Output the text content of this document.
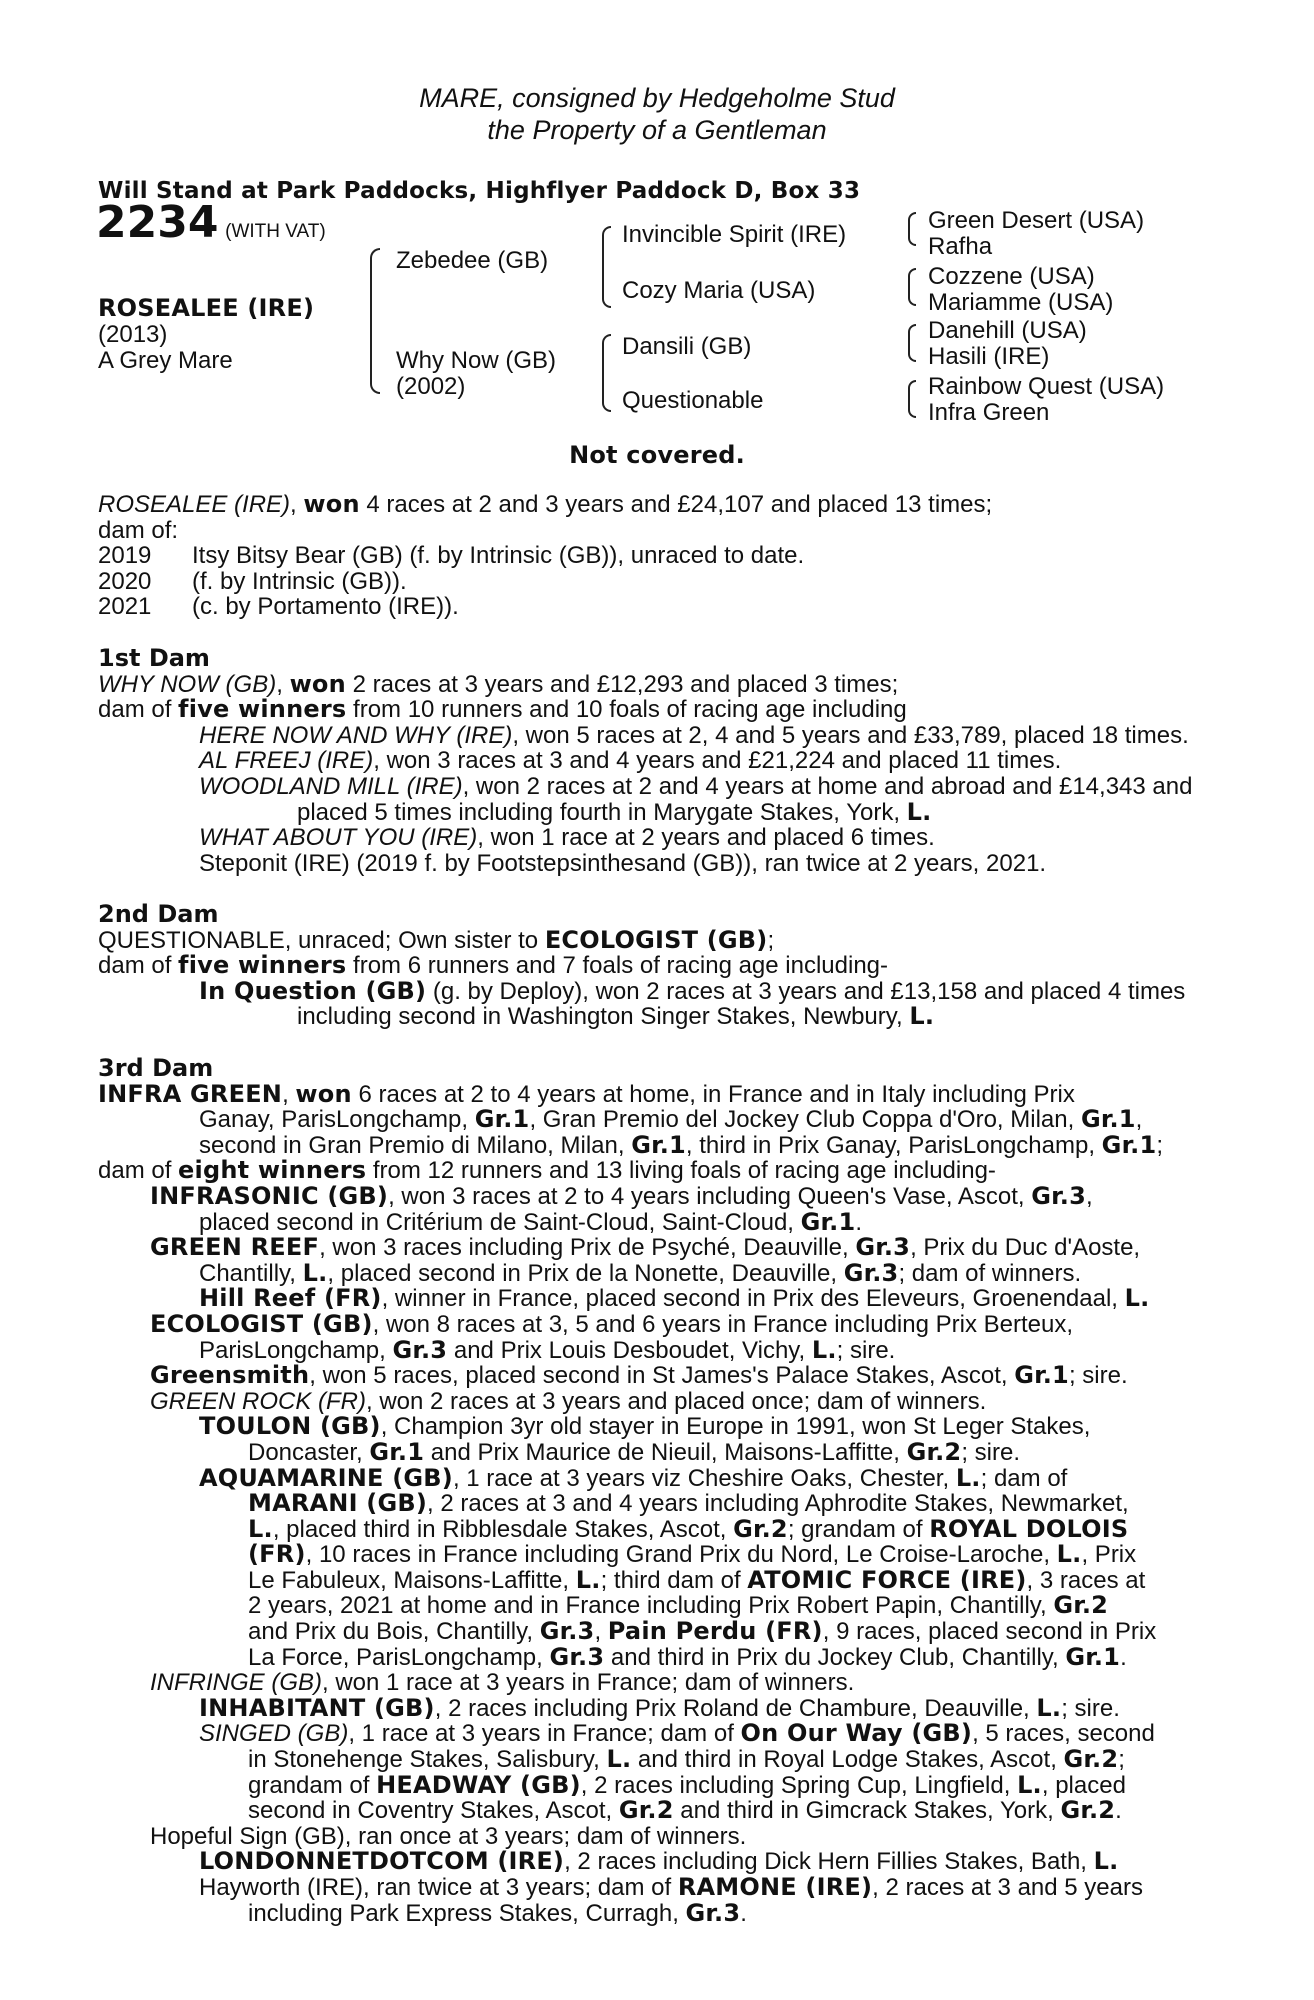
MARE, consigned by Hedgeholme Stud
the Property of a Gentleman
Will Stand at Park Paddocks, Highflyer Paddock D, Box 33
2234 (WITH VAT)
ROSEALEE (IRE)
(2013)
A Grey Mare
Zebedee (GB)
Why Now (GB)
(2002)
Invincible Spirit (IRE)
Cozy Maria (USA)
Dansili (GB)
Questionable
Green Desert (USA)
Rafha
Cozzene (USA)
Mariamme (USA)
Danehill (USA)
Hasili (IRE)
Rainbow Quest (USA)
Infra Green
Not covered.
ROSEALEE (IRE), won 4 races at 2 and 3 years and £24,107 and placed 13 times;
dam of:
2019 Itsy Bitsy Bear (GB) (f. by Intrinsic (GB)), unraced to date.
2020 (f. by Intrinsic (GB)).
2021 (c. by Portamento (IRE)).
1st Dam
WHY NOW (GB), won 2 races at 3 years and £12,293 and placed 3 times;
dam of five winners from 10 runners and 10 foals of racing age including
HERE NOW AND WHY (IRE), won 5 races at 2, 4 and 5 years and £33,789, placed 18 times.
AL FREEJ (IRE), won 3 races at 3 and 4 years and £21,224 and placed 11 times.
WOODLAND MILL (IRE), won 2 races at 2 and 4 years at home and abroad and £14,343 and
placed 5 times including fourth in Marygate Stakes, York, L.
WHAT ABOUT YOU (IRE), won 1 race at 2 years and placed 6 times.
Steponit (IRE) (2019 f. by Footstepsinthesand (GB)), ran twice at 2 years, 2021.
2nd Dam
QUESTIONABLE, unraced; Own sister to ECOLOGIST (GB);
dam of five winners from 6 runners and 7 foals of racing age including-
In Question (GB) (g. by Deploy), won 2 races at 3 years and £13,158 and placed 4 times
including second in Washington Singer Stakes, Newbury, L.
3rd Dam
INFRA GREEN, won 6 races at 2 to 4 years at home, in France and in Italy including Prix
Ganay, ParisLongchamp, Gr.1, Gran Premio del Jockey Club Coppa d'Oro, Milan, Gr.1,
second in Gran Premio di Milano, Milan, Gr.1, third in Prix Ganay, ParisLongchamp, Gr.1;
dam of eight winners from 12 runners and 13 living foals of racing age including-
INFRASONIC (GB), won 3 races at 2 to 4 years including Queen's Vase, Ascot, Gr.3,
placed second in Critérium de Saint-Cloud, Saint-Cloud, Gr.1.
GREEN REEF, won 3 races including Prix de Psyché, Deauville, Gr.3, Prix du Duc d'Aoste,
Chantilly, L., placed second in Prix de la Nonette, Deauville, Gr.3; dam of winners.
Hill Reef (FR), winner in France, placed second in Prix des Eleveurs, Groenendaal, L.
ECOLOGIST (GB), won 8 races at 3, 5 and 6 years in France including Prix Berteux,
ParisLongchamp, Gr.3 and Prix Louis Desboudet, Vichy, L.; sire.
Greensmith, won 5 races, placed second in St James's Palace Stakes, Ascot, Gr.1; sire.
GREEN ROCK (FR), won 2 races at 3 years and placed once; dam of winners.
TOULON (GB), Champion 3yr old stayer in Europe in 1991, won St Leger Stakes,
Doncaster, Gr.1 and Prix Maurice de Nieuil, Maisons-Laffitte, Gr.2; sire.
AQUAMARINE (GB), 1 race at 3 years viz Cheshire Oaks, Chester, L.; dam of
MARANI (GB), 2 races at 3 and 4 years including Aphrodite Stakes, Newmarket,
L., placed third in Ribblesdale Stakes, Ascot, Gr.2; grandam of ROYAL DOLOIS
(FR), 10 races in France including Grand Prix du Nord, Le Croise-Laroche, L., Prix
Le Fabuleux, Maisons-Laffitte, L.; third dam of ATOMIC FORCE (IRE), 3 races at
2 years, 2021 at home and in France including Prix Robert Papin, Chantilly, Gr.2
and Prix du Bois, Chantilly, Gr.3, Pain Perdu (FR), 9 races, placed second in Prix
La Force, ParisLongchamp, Gr.3 and third in Prix du Jockey Club, Chantilly, Gr.1.
INFRINGE (GB), won 1 race at 3 years in France; dam of winners.
INHABITANT (GB), 2 races including Prix Roland de Chambure, Deauville, L.; sire.
SINGED (GB), 1 race at 3 years in France; dam of On Our Way (GB), 5 races, second
in Stonehenge Stakes, Salisbury, L. and third in Royal Lodge Stakes, Ascot, Gr.2;
grandam of HEADWAY (GB), 2 races including Spring Cup, Lingfield, L., placed
second in Coventry Stakes, Ascot, Gr.2 and third in Gimcrack Stakes, York, Gr.2.
Hopeful Sign (GB), ran once at 3 years; dam of winners.
LONDONNETDOTCOM (IRE), 2 races including Dick Hern Fillies Stakes, Bath, L.
Hayworth (IRE), ran twice at 3 years; dam of RAMONE (IRE), 2 races at 3 and 5 years
including Park Express Stakes, Curragh, Gr.3.
